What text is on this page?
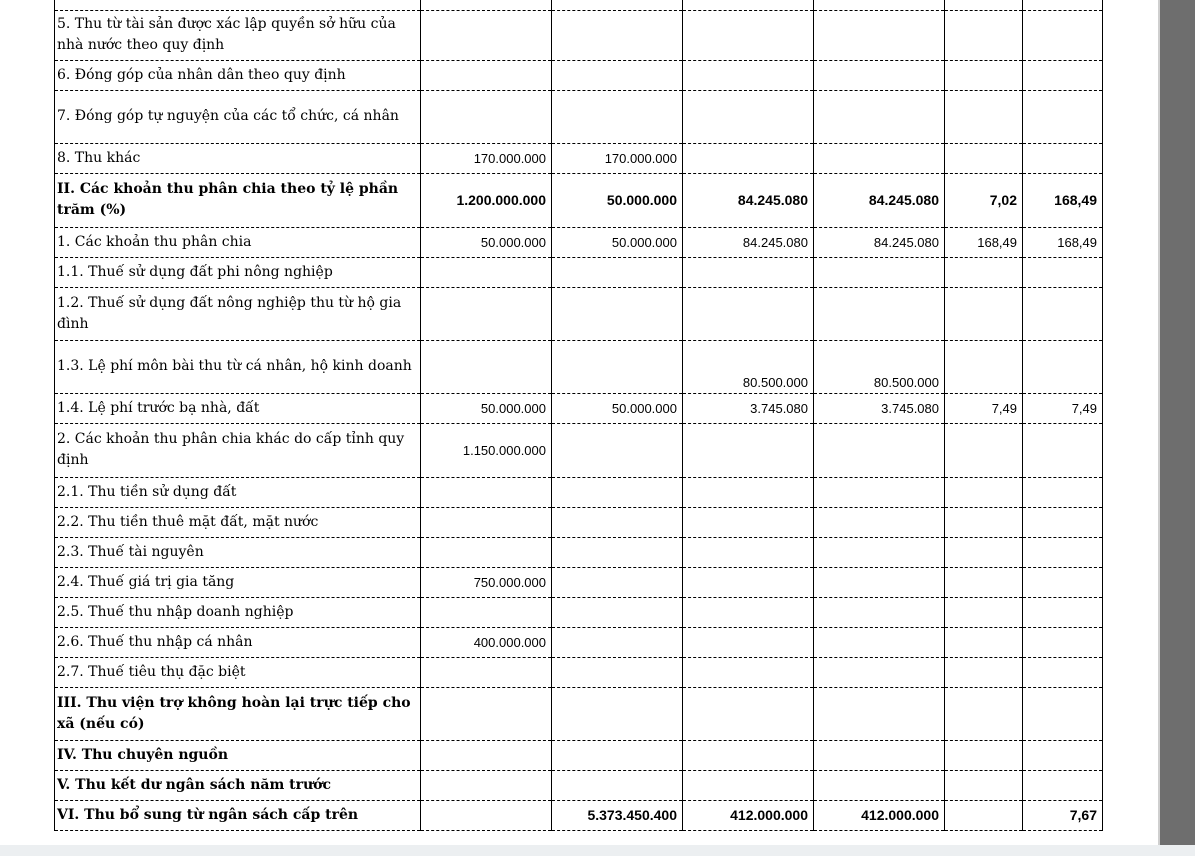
5. Thu từ tài sản được xác lập quyền sở hữu của nhà nước theo quy định						
6. Đóng góp của nhân dân theo quy định						
7. Đóng góp tự nguyện của các tổ chức, cá nhân						
8. Thu khác	170.000.000	170.000.000				
II. Các khoản thu phân chia theo tỷ lệ phần trăm (%)	1.200.000.000	50.000.000	84.245.080	84.245.080	7,02	168,49
1. Các khoản thu phân chia	50.000.000	50.000.000	84.245.080	84.245.080	168,49	168,49
1.1. Thuế sử dụng đất phi nông nghiệp						
1.2. Thuế sử dụng đất nông nghiệp thu từ hộ gia đình						
1.3. Lệ phí môn bài thu từ cá nhân, hộ kinh doanh			80.500.000	80.500.000		
1.4. Lệ phí trước bạ nhà, đất	50.000.000	50.000.000	3.745.080	3.745.080	7,49	7,49
2. Các khoản thu phân chia khác do cấp tỉnh quy định	1.150.000.000					
2.1. Thu tiền sử dụng đất						
2.2. Thu tiền thuê mặt đất, mặt nước						
2.3. Thuế tài nguyên						
2.4. Thuế giá trị gia tăng	750.000.000					
2.5. Thuế thu nhập doanh nghiệp						
2.6. Thuế thu nhập cá nhân	400.000.000					
2.7. Thuế tiêu thụ đặc biệt						
III. Thu viện trợ không hoàn lại trực tiếp cho xã (nếu có)						
IV. Thu chuyên nguồn						
V. Thu kết dư ngân sách năm trước						
VI. Thu bổ sung từ ngân sách cấp trên		5.373.450.400	412.000.000	412.000.000		7,67
